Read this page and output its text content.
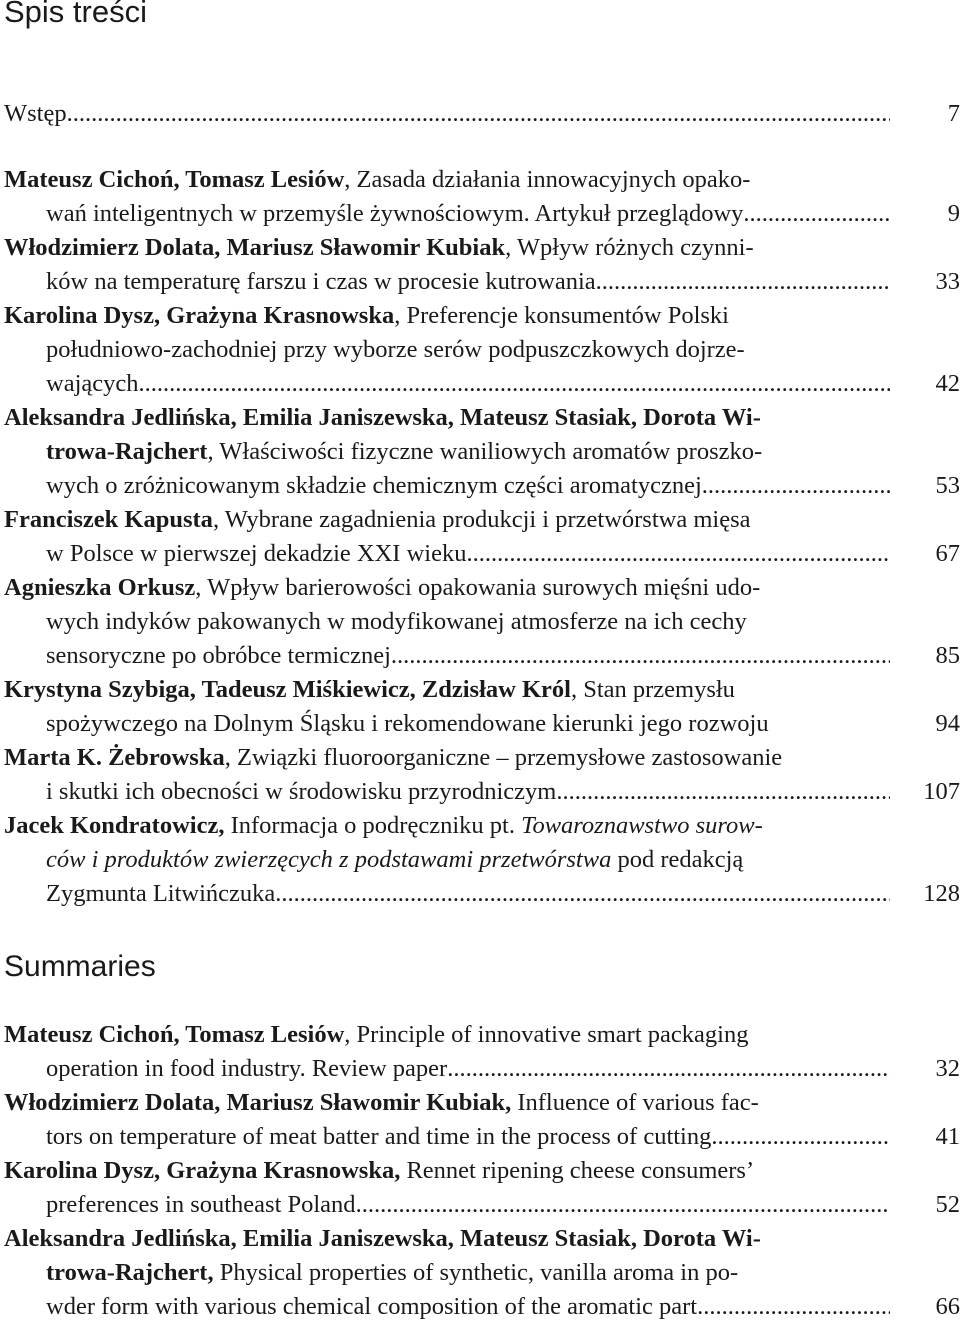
Spis treści
Wstęp .....	7
Mateusz Cichoń, Tomasz Lesiów , Zasada działania innowacyjnych opako-
wań inteligentnych w przemyśle żywnościowym. Artykuł przeglądowy .....	9
Włodzimierz Dolata, Mariusz Sławomir Kubiak , Wpływ różnych czynni-
ków na temperaturę farszu i czas w procesie kutrowania .....	33
Karolina Dysz, Grażyna Krasnowska , Preferencje konsumentów Polski
południowo-zachodniej przy wyborze serów podpuszczkowych dojrze-
wających .....	42
Aleksandra Jedlińska, Emilia Janiszewska, Mateusz Stasiak, Dorota Wi-
trowa-Rajchert , Właściwości fizyczne waniliowych aromatów proszko-
wych o zróżnicowanym składzie chemicznym części aromatycznej .....	53
Franciszek Kapusta , Wybrane zagadnienia produkcji i przetwórstwa mięsa
w Polsce w pierwszej dekadzie XXI wieku .....	67
Agnieszka Orkusz , Wpływ barierowości opakowania surowych mięśni udo-
wych indyków pakowanych w modyfikowanej atmosferze na ich cechy
sensoryczne po obróbce termicznej .....	85
Krystyna Szybiga, Tadeusz Miśkiewicz, Zdzisław Król , Stan przemysłu
spożywczego na Dolnym Śląsku i rekomendowane kierunki jego rozwoju	94
Marta K. Żebrowska , Związki fluoroorganiczne – przemysłowe zastosowanie
i skutki ich obecności w środowisku przyrodniczym .....	107
Jacek Kondratowicz, Informacja o podręczniku pt. Towaroznawstwo surow-
ców i produktów zwierzęcych z podstawami przetwórstwa pod redakcją
Zygmunta Litwińczuka .....	128
Summaries
Mateusz Cichoń, Tomasz Lesiów , Principle of innovative smart packaging
operation in food industry. Review paper .....	32
Włodzimierz Dolata, Mariusz Sławomir Kubiak, Influence of various fac-
tors on temperature of meat batter and time in the process of cutting .....	41
Karolina Dysz, Grażyna Krasnowska, Rennet ripening cheese consumers’
preferences in southeast Poland .....	52
Aleksandra Jedlińska, Emilia Janiszewska, Mateusz Stasiak, Dorota Wi-
trowa-Rajchert, Physical properties of synthetic, vanilla aroma in po-
wder form with various chemical composition of the aromatic part .....	66
